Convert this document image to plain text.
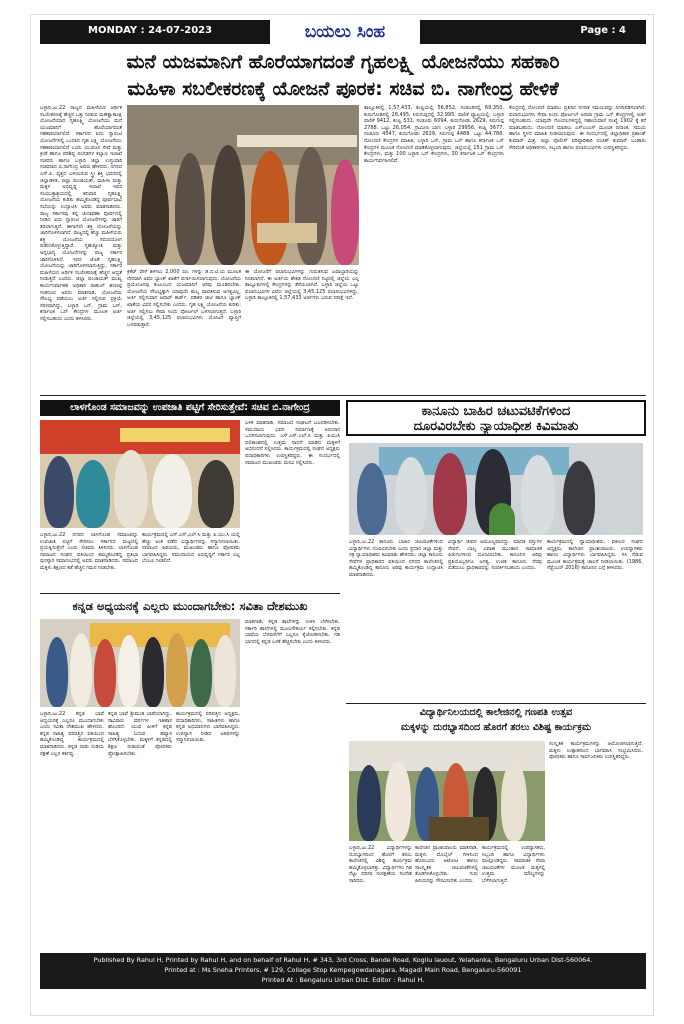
MONDAY : 24-07-2023	ಬಯಲು ಸಿಂಹ	Page : 4
ಮನೆ ಯಜಮಾನಿಗೆ ಹೊರೆಯಾಗದಂತೆ ಗೃಹಲಕ್ಷ್ಮಿ ಯೋಜನೆಯು ಸಹಕಾರಿ
ಮಹಿಳಾ ಸಬಲೀಕರಣಕ್ಕೆ ಯೋಜನೆ ಪೂರಕ: ಸಚಿವ ಬಿ. ನಾಗೇಂದ್ರ ಹೇಳಿಕೆ
ಬಳ್ಳಾರಿ,ಜು.22 ರಾಜ್ಯದ ಮಹಿಳೆಯರ ಆರ್ಥಿಕ ಸಬಲೀಕರಣಕ್ಕೆ ಹೆಚ್ಚಿನ ಒತ್ತು ನೀಡುವ ಮಹತ್ವಾಕಾಂಕ್ಷಿ ಯೋಜನೆಯಾದ ಗೃಹಲಕ್ಷ್ಮಿ ಯೋಜನೆಯು ಮನೆ ಯಜಮಾನಿಗೆ ಹೊರೆಯಾಗದಂತೆ ಸಹಕಾರಿಯಾಗಲಿದೆ. ಸರ್ಕಾರದ ಐದು ಗ್ಯಾರಂಟಿ ಯೋಜನೆಗಳಲ್ಲಿ ಒಂದಾದ ಗೃಹ ಲಕ್ಷ್ಮಿ ಯೋಜನೆಯು ಸಹಕಾರಿಯಾಗಲಿದೆ ಎಂದು ಯುವಜನ ಸೇವೆ ಮತ್ತು ಕ್ರೀಡೆ ಹಾಗೂ ಪರಿಶಿಷ್ಟ ಪಂಗಡಗಳ ಕಲ್ಯಾಣ ಇಲಾಖೆ ಸಚಿವರು ಹಾಗೂ ಬಳ್ಳಾರಿ ಜಿಲ್ಲಾ ಉಸ್ತುವಾರಿ ಸಚಿವರಾದ ಬಿ.ನಾಗೇಂದ್ರ ಅವರು ಹೇಳಿದರು. ನಗರದ ಎಸ್.ಪಿ. ವೃತ್ತದ ಬಳಿಯಿರುವ ಸ್ತ್ರೀ ಶಕ್ತಿ ಭವನದಲ್ಲಿ ಜಿಲ್ಲಾಡಳಿತ, ಜಿಲ್ಲಾ ಪಂಚಾಯತ್, ಮಹಿಳಾ ಮತ್ತು ಮಕ್ಕಳ ಅಭಿವೃದ್ಧಿ ಇಲಾಖೆ ಇವರ ಸಂಯುಕ್ತಾಶ್ರಯದಲ್ಲಿ ಶನಿವಾರ ಗೃಹಲಕ್ಷ್ಮಿ ಯೋಜನೆಯ ಕುರಿತು ಹಮ್ಮಿಕೊಂಡಿದ್ದ ಪೂರ್ವಭಾವಿ ಸಭೆಯನ್ನು ಉದ್ಘಾಟಿಸಿ ಅವರು ಮಾತನಾಡಿದರು. ರಾಜ್ಯ ಸರ್ಕಾರವು ತನ್ನ ಚುನಾವಣಾ ಪೂರ್ವದಲ್ಲಿ ನೀಡಿದ ಐದು ಗ್ಯಾರಂಟಿ ಯೋಜನೆಗಳನ್ನು ಜಾರಿಗೆ ತರಲಾಗುತ್ತಿದೆ. ಈಗಾಗಲೇ ಶಕ್ತಿ ಯೋಜನೆಯನ್ನು ಜಾರಿಗೊಳಿಸಲಾಗಿದೆ. ರಾಜ್ಯದಲ್ಲಿ ಹೆಚ್ಚು ಮಹಿಳೆಯರು ಶಕ್ತಿ ಯೋಜನೆಯ ಸದುಪಯೋಗ ಪಡೆದುಕೊಳ್ಳುತ್ತಿದ್ದಾರೆ. ಗೃಹಜ್ಯೋತಿ ಮತ್ತು ಅನ್ನಭಾಗ್ಯ ಯೋಜನೆಗಳನ್ನು ರಾಜ್ಯ ಸರ್ಕಾರ ಜಾರಿಗೊಳಿಸಿದೆ. ಇದರ ಜೊತೆ ಗೃಹಲಕ್ಷ್ಮಿ ಯೋಜನೆಯನ್ನು ಜಾರಿಗೊಳಿಸಲಾಗುತ್ತಿದ್ದು, ಸರ್ಕಾರ ಮಹಿಳೆಯರ ಆರ್ಥಿಕ ಸಬಲೀಕರಣಕ್ಕೆ ಹೆಚ್ಚಿನ ಆದ್ಯತೆ ನೀಡುತ್ತಿದೆ ಎಂದರು. ಜಿಲ್ಲಾ ಪಂಚಾಯತ್ ಮುಖ್ಯ ಕಾರ್ಯನಿರ್ವಾಹಕ ಅಧಿಕಾರಿ ರಾಹುಲ್ ಶರಣಪ್ಪ ಸಂಕನೂರ ಅವರು ಮಾತನಾಡಿ, ಯೋಜನೆಯ ಸೌಲಭ್ಯ ಪಡೆಯಲು ಅರ್ಜಿ ಸಲ್ಲಿಸುವ ಪ್ರಕ್ರಿಯೆ ಸರಳವಾಗಿದ್ದು, ಬಳ್ಳಾರಿ ಒನ್, ಗ್ರಾಮ ಒನ್, ಕರ್ನಾಟಕ ಒನ್ ಕೇಂದ್ರಗಳ ಮೂಲಕ ಅರ್ಜಿ ಸಲ್ಲಿಸಬಹುದು ಎಂದು ತಿಳಿಸಿದರು.
ಕ್ರಿಕೆಟ್ ವೇಳೆ ತಿಳಿಸಲು 2,000 ರೂ. ಗಳನ್ನು ಡಿ.ಬಿ.ಟಿ.ಯ ಮೂಲಕ ನೇರವಾಗಿ ಅವರ ಬ್ಯಾಂಕ್ ಖಾತೆಗೆ ವರ್ಗಾಯಿಸಲಾಗುವುದು. ಯೋಜನೆಯ ಪ್ರಯೋಜನವು ಕುಟುಂಬದ ಯಜಮಾನಿಗೆ ಅರಿವು ಮೂಡಿಸಬೇಕು. ಯೋಜನೆಯ ಸೌಲಭ್ಯಕ್ಕಾಗಿ ಯಾವುದೇ ಶುಲ್ಕ ಪಾವತಿಸುವ ಅಗತ್ಯವಿಲ್ಲ. ಅರ್ಜಿ ಸಲ್ಲಿಸುವಾಗ ಆಧಾರ್ ಕಾರ್ಡ್, ಪಡಿತರ ಚೀಟಿ ಹಾಗೂ ಬ್ಯಾಂಕ್ ಖಾತೆಯ ವಿವರ ಸಲ್ಲಿಸಬೇಕು ಎಂದರು. ಗೃಹ ಲಕ್ಷ್ಮಿ ಯೋಜನೆಯ ಕುರಿತು: ಅರ್ಜಿ ಸಲ್ಲಿಸಲು ಸೇವಾ ಸಿಂಧು ಪೋರ್ಟಲ್ ಬಳಸಲಾಗುತ್ತದೆ. ಬಳ್ಳಾರಿ ಜಿಲ್ಲೆಯಲ್ಲಿ 3,45,125 ಫಲಾನುಭವಿಗಳು ಯೋಜನೆ ವ್ಯಾಪ್ತಿಗೆ ಒಳಪಡುತ್ತಾರೆ.
ಈ ಯೋಜನೆಗೆ ಫಲಾನುಭವಿಗಳನ್ನು ಗುರುತಿಸುವ ಜವಾಬ್ದಾರಿಯನ್ನು ನೀಡಲಾಗಿದೆ. ಈ ಅರ್ಜಿಯ ಶೇಕಡ ನೋಂದಣಿ ನಿಟ್ಟಿನಲ್ಲಿ ಜಿಲ್ಲೆಯ ಎಲ್ಲ ತಾಲ್ಲೂಕುಗಳಲ್ಲಿ ಕೇಂದ್ರಗಳನ್ನು ತೆರೆಯಲಾಗಿದೆ. ಬಳ್ಳಾರಿ ಜಿಲ್ಲೆಯ ಒಟ್ಟು ಫಲಾನುಭವಿಗಳ ವಿವರ: ಜಿಲ್ಲೆಯಲ್ಲಿ 3,45,125 ಫಲಾನುಭವಿಗಳಿದ್ದು, ಬಳ್ಳಾರಿ ತಾಲ್ಲೂಕಿನಲ್ಲಿ 1,57,433 ಅರ್ಜಿಗಳು ಬರುವ ನಿರೀಕ್ಷೆ ಇದೆ.
ತಾಲ್ಲೂಕಿನಲ್ಲಿ 1,57,433, ಕಂಪ್ಲಿಯಲ್ಲಿ 56,852, ಸಂಡೂರಿನಲ್ಲಿ 69,350, ಕುರುಗೋಡಿನಲ್ಲಿ 28,495, ಸಿರುಗುಪ್ಪದಲ್ಲಿ 32,995. ಪಾಲಿಕೆ ವ್ಯಾಪ್ತಿಯಲ್ಲಿ: ಬಳ್ಳಾರಿ ಪಾಲಿಕೆ 9412, ಕಂಪ್ಲಿ 531, ಸಂಡೂರು 6094, ಕುರುಗೋಡು 2629, ಸಿರುಗುಪ್ಪ 2788. ಒಟ್ಟು 26,054. ಗ್ರಾಮೀಣ ಭಾಗ: ಬಳ್ಳಾರಿ 29956, ಕಂಪ್ಲಿ 3677, ಸಂಡೂರು 4547, ಕುರುಗೋಡು 2629, ಸಿರುಗುಪ್ಪ 4488. ಒಟ್ಟು 44,786. ನೋಂದಣಿ ಕೇಂದ್ರಗಳ ಮಾಹಿತಿ: ಬಳ್ಳಾರಿ ಒನ್, ಗ್ರಾಮ ಒನ್ ಹಾಗೂ ಕರ್ನಾಟಕ ಒನ್ ಕೇಂದ್ರಗಳ ಮೂಲಕ ನೋಂದಣಿ ಮಾಡಿಕೊಳ್ಳಲಾಗುವುದು. ಜಿಲ್ಲೆಯಲ್ಲಿ 151 ಗ್ರಾಮ ಒನ್ ಕೇಂದ್ರಗಳು, ಮತ್ತು 100 ಬಳ್ಳಾರಿ ಒನ್ ಕೇಂದ್ರಗಳು, 30 ಕರ್ನಾಟಕ ಒನ್ ಕೇಂದ್ರಗಳು ಕಾರ್ಯನಿರ್ವಹಿಸಲಿವೆ.
ಕೇಂದ್ರದಲ್ಲಿ ನೋಂದಣಿ ಮಾಡಲು ಪ್ರತಿದಿನ ನಿಗದಿತ ಸಮಯವನ್ನು ನಿಗದಿಪಡಿಸಲಾಗಿದೆ. ಫಲಾನುಭವಿಗಳು ಸೇವಾ ಸಿಂಧು ಪೋರ್ಟಲ್ ಅಥವಾ ಗ್ರಾಮ ಒನ್ ಕೇಂದ್ರಗಳಲ್ಲಿ ಅರ್ಜಿ ಸಲ್ಲಿಸಬಹುದು. ಯಾವುದೇ ಗೊಂದಲಗಳಿದ್ದಲ್ಲಿ ಸಹಾಯವಾಣಿ ಸಂಖ್ಯೆ 1902 ಕ್ಕೆ ಕರೆ ಮಾಡಬಹುದು. ನೋಂದಣಿ ಮಾಡಲು ಎಸ್‌ಎಂಎಸ್ ಮೂಲಕ ದಿನಾಂಕ, ಸಮಯ ಹಾಗೂ ಸ್ಥಳದ ಮಾಹಿತಿ ನೀಡಲಾಗುವುದು. ಈ ಸಂದರ್ಭದಲ್ಲಿ ಜಿಲ್ಲಾಧಿಕಾರಿ ಪ್ರಶಾಂತ್ ಕುಮಾರ್ ಮಿಶ್ರ, ಜಿಲ್ಲಾ ಪೊಲೀಸ್ ವರಿಷ್ಠಾಧಿಕಾರಿ ರಂಜಿತ್ ಕುಮಾರ್ ಬಂಡಾರು ಸೇರಿದಂತೆ ಅಧಿಕಾರಿಗಳು, ಸಿಬ್ಬಂದಿ ಹಾಗೂ ಫಲಾನುಭವಿಗಳು ಉಪಸ್ಥಿತರಿದ್ದರು.
ಲಾಳಗೊಂಡ ಸಮಾಜವನ್ನು ಉಪಜಾತಿ ಪಟ್ಟಿಗೆ ಸೇರಿಸುತ್ತೇವೆ: ಸಚಿವ ಬಿ.ನಾಗೇಂದ್ರ
ಬಳಿಕ ಮಾತನಾಡಿ, ಸಮಾಜದ ಸಂಘಟನೆ ಬಲಪಡಿಸಬೇಕು. ಸಮುದಾಯ ಭವನ ನಿರ್ಮಾಣಕ್ಕೆ ಅನುದಾನ ಒದಗಿಸಲಾಗುವುದು. ಎಸ್.ಎಸ್.ಎಲ್.ಸಿ ಮತ್ತು ಪಿಯುಸಿ ಫಲಿತಾಂಶದಲ್ಲಿ ಉತ್ತಮ ಸಾಧನೆ ಮಾಡಿದ ಮಕ್ಕಳಿಗೆ ಅಭಿನಂದನೆ ಸಲ್ಲಿಸಿದರು. ಕಾರ್ಯಕ್ರಮದಲ್ಲಿ ಸಂಘದ ಅಧ್ಯಕ್ಷರು ಪದಾಧಿಕಾರಿಗಳು ಉಪಸ್ಥಿತರಿದ್ದರು. ಈ ಸಂದರ್ಭದಲ್ಲಿ ಸಮಾಜದ ಮುಖಂಡರು ಮನವಿ ಸಲ್ಲಿಸಿದರು.
ಬಳ್ಳಾರಿ,ಜು.22 ನಗರದ ಲಾಳಗೊಂಡ ಸಮಾಜವನ್ನು ಉಪಜಾತಿ ಪಟ್ಟಿಗೆ ಸೇರಿಸಲು ಸರ್ಕಾರದ ಮಟ್ಟದಲ್ಲಿ ಪ್ರಯತ್ನಿಸುತ್ತೇನೆ ಎಂದು ಸಚಿವರು ತಿಳಿಸಿದರು. ಲಾಳಗೊಂಡ ಸಮಾಜದ ಸಂಘದ ವತಿಯಿಂದ ಹಮ್ಮಿಕೊಂಡಿದ್ದ ಪ್ರತಿಭಾ ಪುರಸ್ಕಾರ ಸಮಾರಂಭದಲ್ಲಿ ಅವರು ಮಾತನಾಡಿದರು. ಸಮಾಜದ ಮಕ್ಕಳು ಶಿಕ್ಷಣದ ಕಡೆ ಹೆಚ್ಚಿನ ಗಮನ ನೀಡಬೇಕು.
ಕಾರ್ಯಕ್ರಮದಲ್ಲಿ ಎಸ್.ಎಸ್.ಎಲ್.ಸಿ ಮತ್ತು ಪಿ.ಯು.ಸಿ ಯಲ್ಲಿ ಹೆಚ್ಚು ಅಂಕ ಪಡೆದ ವಿದ್ಯಾರ್ಥಿಗಳನ್ನು ಸನ್ಮಾನಿಸಲಾಯಿತು. ಸಮಾಜದ ಹಿರಿಯರು, ಮುಖಂಡರು ಹಾಗೂ ಪೋಷಕರು ಭಾಗವಹಿಸಿದ್ದರು. ಸಮುದಾಯದ ಅಭಿವೃದ್ಧಿಗೆ ಸರ್ಕಾರ ಎಲ್ಲ ಬೆಂಬಲ ನೀಡಲಿದೆ.
ಕಾನೂನು ಬಾಹಿರ ಚಟುವಟಿಕೆಗಳಿಂದ
ದೂರವಿರಬೇಕು ನ್ಯಾಯಾಧೀಶ ಕಿವಿಮಾತು
ಬಳ್ಳಾರಿ,ಜು.22 ಕಾನೂನು ಬಾಹಿರ ಚಟುವಟಿಕೆಗಳಿಂದ ವಿದ್ಯಾರ್ಥಿಗಳು ದೂರವಿರಬೇಕು ಎಂದು ಪ್ರಧಾನ ಜಿಲ್ಲಾ ಮತ್ತು ಸತ್ರ ನ್ಯಾಯಾಧೀಶರು ಕಿವಿಮಾತು ಹೇಳಿದರು. ಜಿಲ್ಲಾ ಕಾನೂನು ಸೇವೆಗಳ ಪ್ರಾಧಿಕಾರದ ವತಿಯಿಂದ ನಗರದ ಕಾಲೇಜಿನಲ್ಲಿ ಹಮ್ಮಿಕೊಂಡಿದ್ದ ಕಾನೂನು ಅರಿವು ಕಾರ್ಯಕ್ರಮ ಉದ್ಘಾಟಿಸಿ ಮಾತನಾಡಿದರು.
ವಿದ್ಯಾರ್ಥಿ ಜೀವನ ಅಮೂಲ್ಯವಾದದ್ದು. ಮಾದಕ ವಸ್ತುಗಳ ಸೇವನೆ, ಬಾಲ್ಯ ವಿವಾಹ ಮುಂತಾದ ಸಾಮಾಜಿಕ ಪಿಡುಗುಗಳಿಂದ ದೂರವಿರಬೇಕು. ಕಾನೂನಿನ ಅರಿವು ಪ್ರತಿಯೊಬ್ಬರಿಗೂ ಅಗತ್ಯ. ಉಚಿತ ಕಾನೂನು ನೆರವು ಪಡೆಯಲು ಪ್ರಾಧಿಕಾರವನ್ನು ಸಂಪರ್ಕಿಸಬಹುದು ಎಂದರು.
ಕಾರ್ಯಕ್ರಮದಲ್ಲಿ ನ್ಯಾಯಾಧೀಶರು, ವಕೀಲರ ಸಂಘದ ಅಧ್ಯಕ್ಷರು, ಕಾಲೇಜಿನ ಪ್ರಾಂಶುಪಾಲರು, ಉಪನ್ಯಾಸಕರು ಹಾಗೂ ವಿದ್ಯಾರ್ಥಿಗಳು ಭಾಗವಹಿಸಿದ್ದರು. ಸಸಿ ನೆಡುವ ಮೂಲಕ ಕಾರ್ಯಕ್ರಮಕ್ಕೆ ಚಾಲನೆ ನೀಡಲಾಯಿತು. (1986, ಸೆಪ್ಟೆಂಬರ್ 2016) ಕಾನೂನಿನ ಬಗ್ಗೆ ತಿಳಿಸಿದರು.
ಕನ್ನಡ ಅಧ್ಯಯನಕ್ಕೆ ಎಲ್ಲರು ಮುಂದಾಗಬೇಕು: ಸವಿತಾ ದೇಶಮುಖ
ಮಾತನಾಡಿ, ಕನ್ನಡ ಶಾಲೆಗಳನ್ನು ಉಳಿಸಿ ಬೆಳೆಸಬೇಕು. ಸರ್ಕಾರಿ ಶಾಲೆಗಳಲ್ಲಿ ಮೂಲಸೌಕರ್ಯ ಕಲ್ಪಿಸಬೇಕು. ಕನ್ನಡ ಭಾಷೆಯ ಬೆಳವಣಿಗೆಗೆ ಎಲ್ಲರೂ ಕೈಜೋಡಿಸಬೇಕು. ಗಡಿ ಭಾಗದಲ್ಲಿ ಕನ್ನಡ ಬಳಕೆ ಹೆಚ್ಚಿಸಬೇಕು ಎಂದು ತಿಳಿಸಿದರು.
ಬಳ್ಳಾರಿ,ಜು.22 ಕನ್ನಡ ಭಾಷೆ ಅಧ್ಯಯನಕ್ಕೆ ಎಲ್ಲರೂ ಮುಂದಾಗಬೇಕು ಎಂದು ಸವಿತಾ ದೇಶಮುಖ ಹೇಳಿದರು. ಕನ್ನಡ ಸಾಹಿತ್ಯ ಪರಿಷತ್ತಿನ ವತಿಯಿಂದ ಹಮ್ಮಿಕೊಂಡಿದ್ದ ಕಾರ್ಯಕ್ರಮದಲ್ಲಿ ಮಾತನಾಡಿದರು. ಕನ್ನಡ ನಾಡು ನುಡಿಯ ರಕ್ಷಣೆ ಎಲ್ಲರ ಕರ್ತವ್ಯ.
ಕನ್ನಡ ಭಾಷೆ ಶ್ರೀಮಂತ ಭಾಷೆಯಾಗಿದ್ದು, ಸಾವಿರಾರು ವರ್ಷಗಳ ಇತಿಹಾಸ ಹೊಂದಿದೆ. ಯುವ ಪೀಳಿಗೆ ಕನ್ನಡ ಸಾಹಿತ್ಯ ಓದುವ ಹವ್ಯಾಸ ಬೆಳೆಸಿಕೊಳ್ಳಬೇಕು. ಮಕ್ಕಳಿಗೆ ಕನ್ನಡದಲ್ಲಿ ಶಿಕ್ಷಣ ನೀಡುವಂತೆ ಪೋಷಕರು ಪ್ರೋತ್ಸಾಹಿಸಬೇಕು.
ಕಾರ್ಯಕ್ರಮದಲ್ಲಿ ಪರಿಷತ್ತಿನ ಅಧ್ಯಕ್ಷರು, ಪದಾಧಿಕಾರಿಗಳು, ಸಾಹಿತಿಗಳು ಹಾಗೂ ಕನ್ನಡ ಅಭಿಮಾನಿಗಳು ಭಾಗವಹಿಸಿದ್ದರು. ಉಪನ್ಯಾಸ ನೀಡಿದ ಅತಿಥಿಗಳನ್ನು ಸನ್ಮಾನಿಸಲಾಯಿತು.
ವಿದ್ಯಾರ್ಥಿನಿಲಯದಲ್ಲಿ ಕಾಲೇಜಿನಲ್ಲಿ ಗಣಪತಿ ಉತ್ಸವ
ಮಕ್ಕಳನ್ನು ದುರಭ್ಯಾಸದಿಂದ ಹೊರಗೆ ತರಲು ವಿಶಿಷ್ಟ ಕಾರ್ಯಕ್ರಮ
ಸಂಸ್ಕೃತಿಕ ಕಾರ್ಯಕ್ರಮಗಳನ್ನು ಆಯೋಜಿಸಲಾಗುತ್ತಿದೆ. ಮಕ್ಕಳು ಉತ್ಸಾಹದಿಂದ ಭಾಗವಹಿಸಿ ಸಂಭ್ರಮಿಸಿದರು. ಪೋಷಕರು ಹಾಗೂ ಸಾರ್ವಜನಿಕರು ಉಪಸ್ಥಿತರಿದ್ದರು.
ಬಳ್ಳಾರಿ,ಜು.22 ವಿದ್ಯಾರ್ಥಿಗಳನ್ನು ದುರಭ್ಯಾಸದಿಂದ ಹೊರಗೆ ತರಲು ಕಾಲೇಜಿನಲ್ಲಿ ವಿಶಿಷ್ಟ ಕಾರ್ಯಕ್ರಮ ಹಮ್ಮಿಕೊಳ್ಳಲಾಗಿತ್ತು. ವಿದ್ಯಾರ್ಥಿಗಳು ಗಿಡ ನೆಟ್ಟು ಪರಿಸರ ಸಂರಕ್ಷಣೆಯ ಸಂದೇಶ ಸಾರಿದರು.
ಕಾಲೇಜಿನ ಪ್ರಾಂಶುಪಾಲರು ಮಾತನಾಡಿ, ಮಕ್ಕಳು ಮೊಬೈಲ್ ಗೀಳಿನಿಂದ ಹೊರಬಂದು ಆಟೋಟ ಹಾಗೂ ಸಾಂಸ್ಕೃತಿಕ ಚಟುವಟಿಕೆಗಳಲ್ಲಿ ತೊಡಗಿಸಿಕೊಳ್ಳಬೇಕು. ಗುರು ಹಿರಿಯರನ್ನು ಗೌರವಿಸಬೇಕು ಎಂದರು.
ಕಾರ್ಯಕ್ರಮದಲ್ಲಿ ಉಪನ್ಯಾಸಕರು, ಸಿಬ್ಬಂದಿ ಹಾಗೂ ವಿದ್ಯಾರ್ಥಿಗಳು ಪಾಲ್ಗೊಂಡಿದ್ದರು. ಸಾಮಾಜಿಕ ಸೇವಾ ಚಟುವಟಿಕೆಗಳ ಮೂಲಕ ಮಕ್ಕಳಲ್ಲಿ ಉತ್ತಮ ಮೌಲ್ಯಗಳನ್ನು ಬೆಳೆಸಲಾಗುತ್ತಿದೆ.
Published By Rahul H, Printed by Rahul H, and on behalf of Rahul H, # 343, 3rd Cross, Bande Road, Kogilu lauout, Yelahanka, Bengaluru Urban Dist-560064.
Printed at : Ms Sneha Printers, # 129, Collage Stop Kempegowdanagara, Magadi Main Road, Bengaluru-560091
Printed At : Bengaluru Urban Dist. Editor : Rahul H.
